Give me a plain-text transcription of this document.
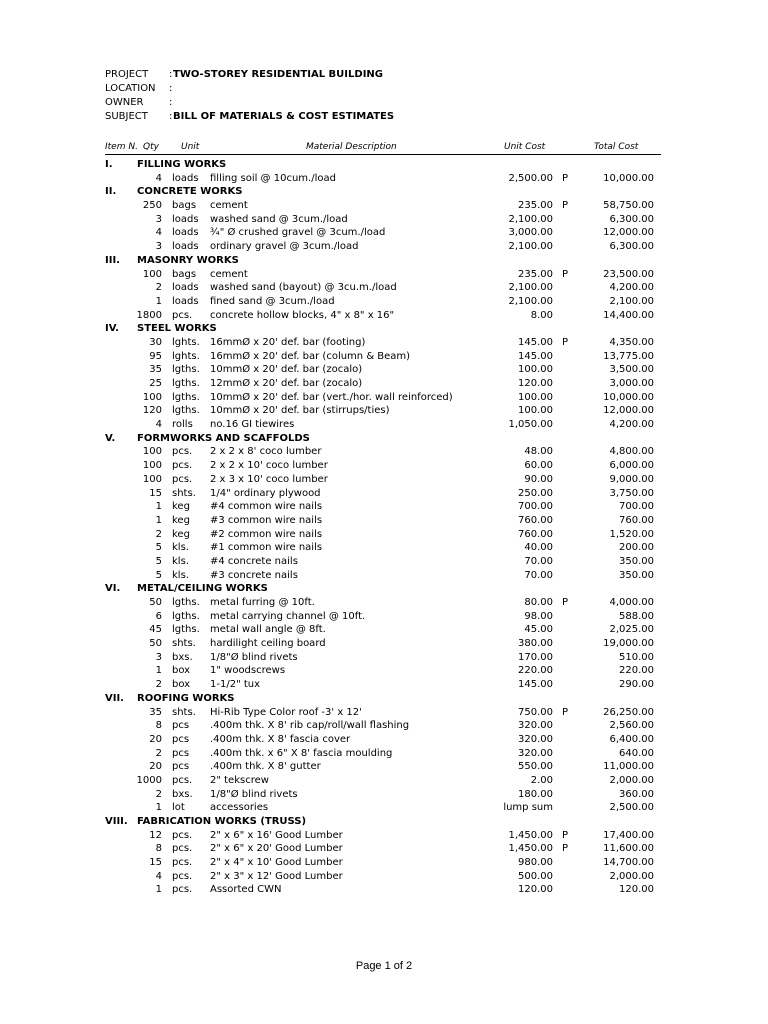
PROJECT :TWO-STOREY RESIDENTIAL BUILDING
LOCATION :
OWNER	:
SUBJECT :BILL OF MATERIALS & COST ESTIMATES
Item N. Qty Unit	Material Description	Unit Cost	Total Cost
I. FILLING WORKS
4 loads filling soil @ 10cum./load	2,500.00 P	10,000.00
II. CONCRETE WORKS
250 bags cement	235.00 P	58,750.00
3 loads washed sand @ 3cum./load	2,100.00	6,300.00
4 loads ¾" Ø crushed gravel @ 3cum./load	3,000.00	12,000.00
3 loads ordinary gravel @ 3cum./load	2,100.00	6,300.00
III. MASONRY WORKS
100 bags cement	235.00 P	23,500.00
2 loads washed sand (bayout) @ 3cu.m./load	2,100.00	4,200.00
1 loads fined sand @ 3cum./load	2,100.00	2,100.00
1800 pcs. concrete hollow blocks, 4" x 8" x 16"	8.00	14,400.00
IV. STEEL WORKS
30 lghts. 16mmØ x 20' def. bar (footing)	145.00 P	4,350.00
95 lghts. 16mmØ x 20' def. bar (column & Beam)	145.00	13,775.00
35 lgths. 10mmØ x 20' def. bar (zocalo)	100.00	3,500.00
25 lgths. 12mmØ x 20' def. bar (zocalo)	120.00	3,000.00
100 lgths. 10mmØ x 20' def. bar (vert./hor. wall reinforced)	100.00	10,000.00
120 lgths. 10mmØ x 20' def. bar (stirrups/ties)	100.00	12,000.00
4 rolls no.16 GI tiewires	1,050.00	4,200.00
V. FORMWORKS AND SCAFFOLDS
100 pcs. 2 x 2 x 8' coco lumber	48.00	4,800.00
100 pcs. 2 x 2 x 10' coco lumber	60.00	6,000.00
100 pcs. 2 x 3 x 10' coco lumber	90.00	9,000.00
15 shts. 1/4" ordinary plywood	250.00	3,750.00
1 keg #4 common wire nails	700.00	700.00
1 keg #3 common wire nails	760.00	760.00
2 keg #2 common wire nails	760.00	1,520.00
5 kls. #1 common wire nails	40.00	200.00
5 kls. #4 concrete nails	70.00	350.00
5 kls. #3 concrete nails	70.00	350.00
VI. METAL/CEILING WORKS
50 lgths. metal furring @ 10ft.	80.00 P	4,000.00
6 lgths. metal carrying channel @ 10ft.	98.00	588.00
45 lgths. metal wall angle @ 8ft.	45.00	2,025.00
50 shts. hardilight ceiling board	380.00	19,000.00
3 bxs. 1/8"Ø blind rivets	170.00	510.00
1 box 1" woodscrews	220.00	220.00
2 box 1-1/2" tux	145.00	290.00
VII. ROOFING WORKS
35 shts. Hi-Rib Type Color roof -3' x 12'	750.00 P	26,250.00
8 pcs .400m thk. X 8' rib cap/roll/wall flashing	320.00	2,560.00
20 pcs .400m thk. X 8' fascia cover	320.00	6,400.00
2 pcs .400m thk. x 6" X 8' fascia moulding	320.00	640.00
20 pcs .400m thk. X 8' gutter	550.00	11,000.00
1000 pcs. 2" tekscrew	2.00	2,000.00
2 bxs. 1/8"Ø blind rivets	180.00	360.00
1 lot	accessories	lump sum	2,500.00
VIII. FABRICATION WORKS (TRUSS)
12 pcs. 2" x 6" x 16' Good Lumber	1,450.00 P	17,400.00
8 pcs. 2" x 6" x 20' Good Lumber	1,450.00 P	11,600.00
15 pcs. 2" x 4" x 10' Good Lumber	980.00	14,700.00
4 pcs. 2" x 3" x 12' Good Lumber	500.00	2,000.00
1 pcs. Assorted CWN	120.00	120.00
Page 1 of 2
